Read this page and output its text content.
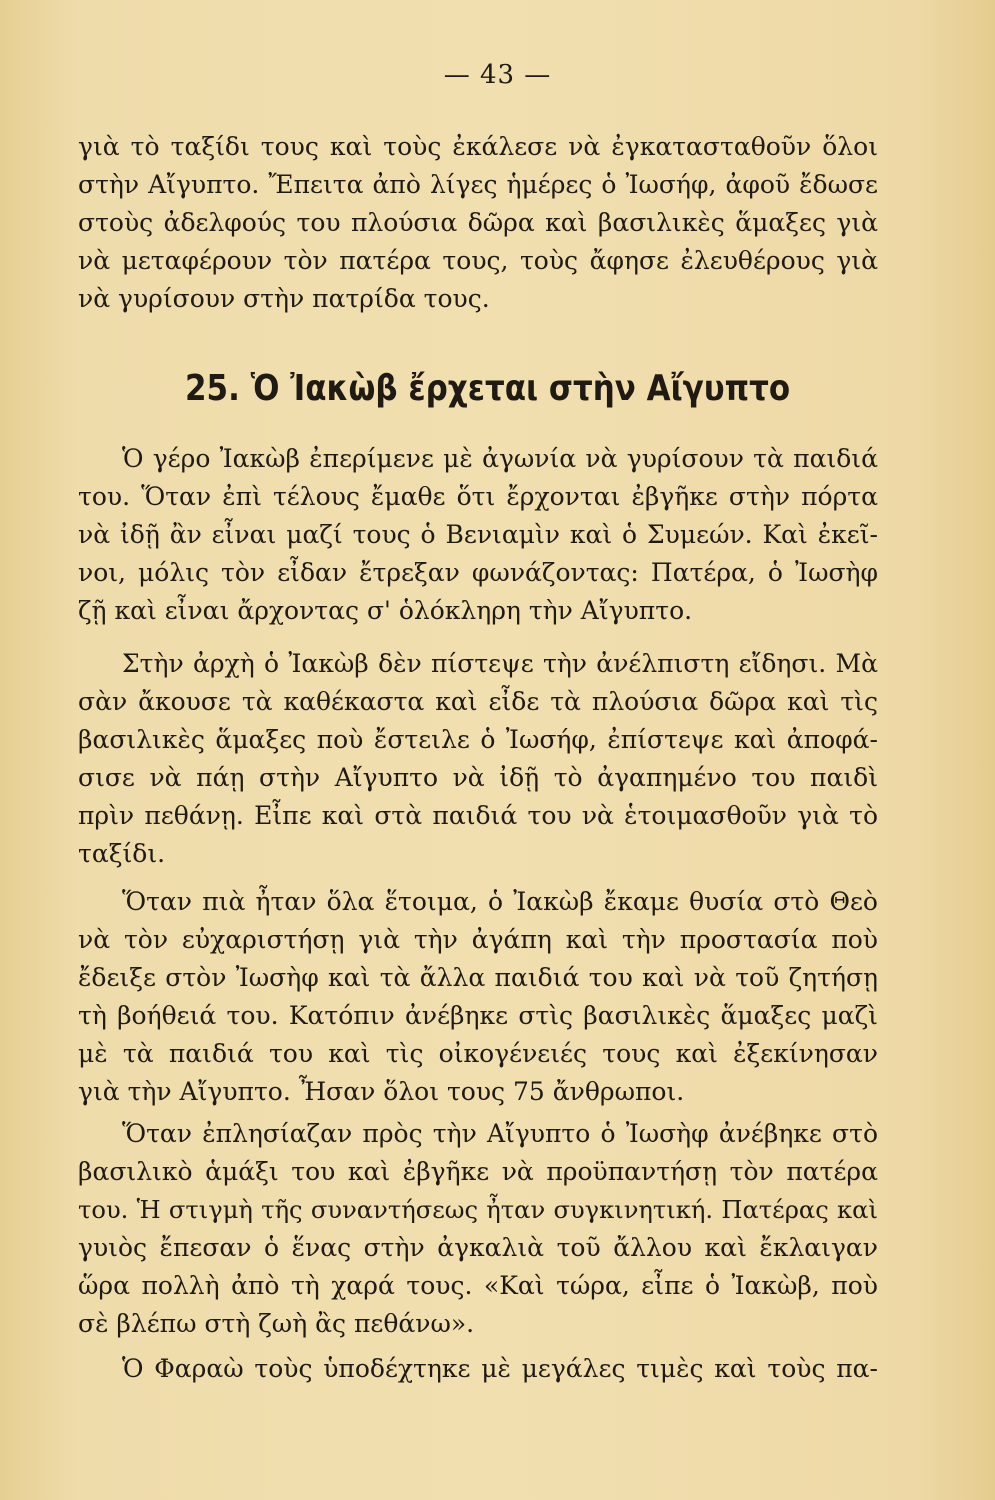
— 43 —
γιὰ τὸ ταξίδι τους καὶ τοὺς ἐκάλεσε νὰ ἐγκατασταθοῦν ὅλοι
στὴν Αἴγυπτο. Ἔπειτα ἀπὸ λίγες ἡμέρες ὁ Ἰωσήφ, ἀφοῦ ἔδωσε
στοὺς ἀδελφούς του πλούσια δῶρα καὶ βασιλικὲς ἅμαξες γιὰ
νὰ μεταφέρουν τὸν πατέρα τους, τοὺς ἄφησε ἐλευθέρους γιὰ
νὰ γυρίσουν στὴν πατρίδα τους.
25. Ὁ Ἰακὼβ ἔρχεται στὴν Αἴγυπτο
Ὁ γέρο Ἰακὼβ ἐπερίμενε μὲ ἀγωνία νὰ γυρίσουν τὰ παιδιά
του. Ὅταν ἐπὶ τέλους ἔμαθε ὅτι ἔρχονται ἐβγῆκε στὴν πόρτα
νὰ ἰδῇ ἂν εἶναι μαζί τους ὁ Βενιαμὶν καὶ ὁ Συμεών. Καὶ ἐκεῖ-
νοι, μόλις τὸν εἶδαν ἔτρεξαν φωνάζοντας: Πατέρα, ὁ Ἰωσὴφ
ζῇ καὶ εἶναι ἄρχοντας σ' ὁλόκληρη τὴν Αἴγυπτο.
Στὴν ἀρχὴ ὁ Ἰακὼβ δὲν πίστεψε τὴν ἀνέλπιστη εἴδησι. Μὰ
σὰν ἄκουσε τὰ καθέκαστα καὶ εἶδε τὰ πλούσια δῶρα καὶ τὶς
βασιλικὲς ἅμαξες ποὺ ἔστειλε ὁ Ἰωσήφ, ἐπίστεψε καὶ ἀποφά-
σισε νὰ πάῃ στὴν Αἴγυπτο νὰ ἰδῇ τὸ ἀγαπημένο του παιδὶ
πρὶν πεθάνῃ. Εἶπε καὶ στὰ παιδιά του νὰ ἑτοιμασθοῦν γιὰ τὸ
ταξίδι.
Ὅταν πιὰ ἦταν ὅλα ἕτοιμα, ὁ Ἰακὼβ ἔκαμε θυσία στὸ Θεὸ
νὰ τὸν εὐχαριστήσῃ γιὰ τὴν ἀγάπη καὶ τὴν προστασία ποὺ
ἔδειξε στὸν Ἰωσὴφ καὶ τὰ ἄλλα παιδιά του καὶ νὰ τοῦ ζητήσῃ
τὴ βοήθειά του. Κατόπιν ἀνέβηκε στὶς βασιλικὲς ἅμαξες μαζὶ
μὲ τὰ παιδιά του καὶ τὶς οἰκογένειές τους καὶ ἐξεκίνησαν
γιὰ τὴν Αἴγυπτο. Ἦσαν ὅλοι τους 75 ἄνθρωποι.
Ὅταν ἐπλησίαζαν πρὸς τὴν Αἴγυπτο ὁ Ἰωσὴφ ἀνέβηκε στὸ
βασιλικὸ ἁμάξι του καὶ ἐβγῆκε νὰ προϋπαντήσῃ τὸν πατέρα
του. Ἡ στιγμὴ τῆς συναντήσεως ἦταν συγκινητική. Πατέρας καὶ
γυιὸς ἔπεσαν ὁ ἕνας στὴν ἀγκαλιὰ τοῦ ἄλλου καὶ ἔκλαιγαν
ὥρα πολλὴ ἀπὸ τὴ χαρά τους. «Καὶ τώρα, εἶπε ὁ Ἰακὼβ, ποὺ
σὲ βλέπω στὴ ζωὴ ἂς πεθάνω».
Ὁ Φαραὼ τοὺς ὑποδέχτηκε μὲ μεγάλες τιμὲς καὶ τοὺς πα-
